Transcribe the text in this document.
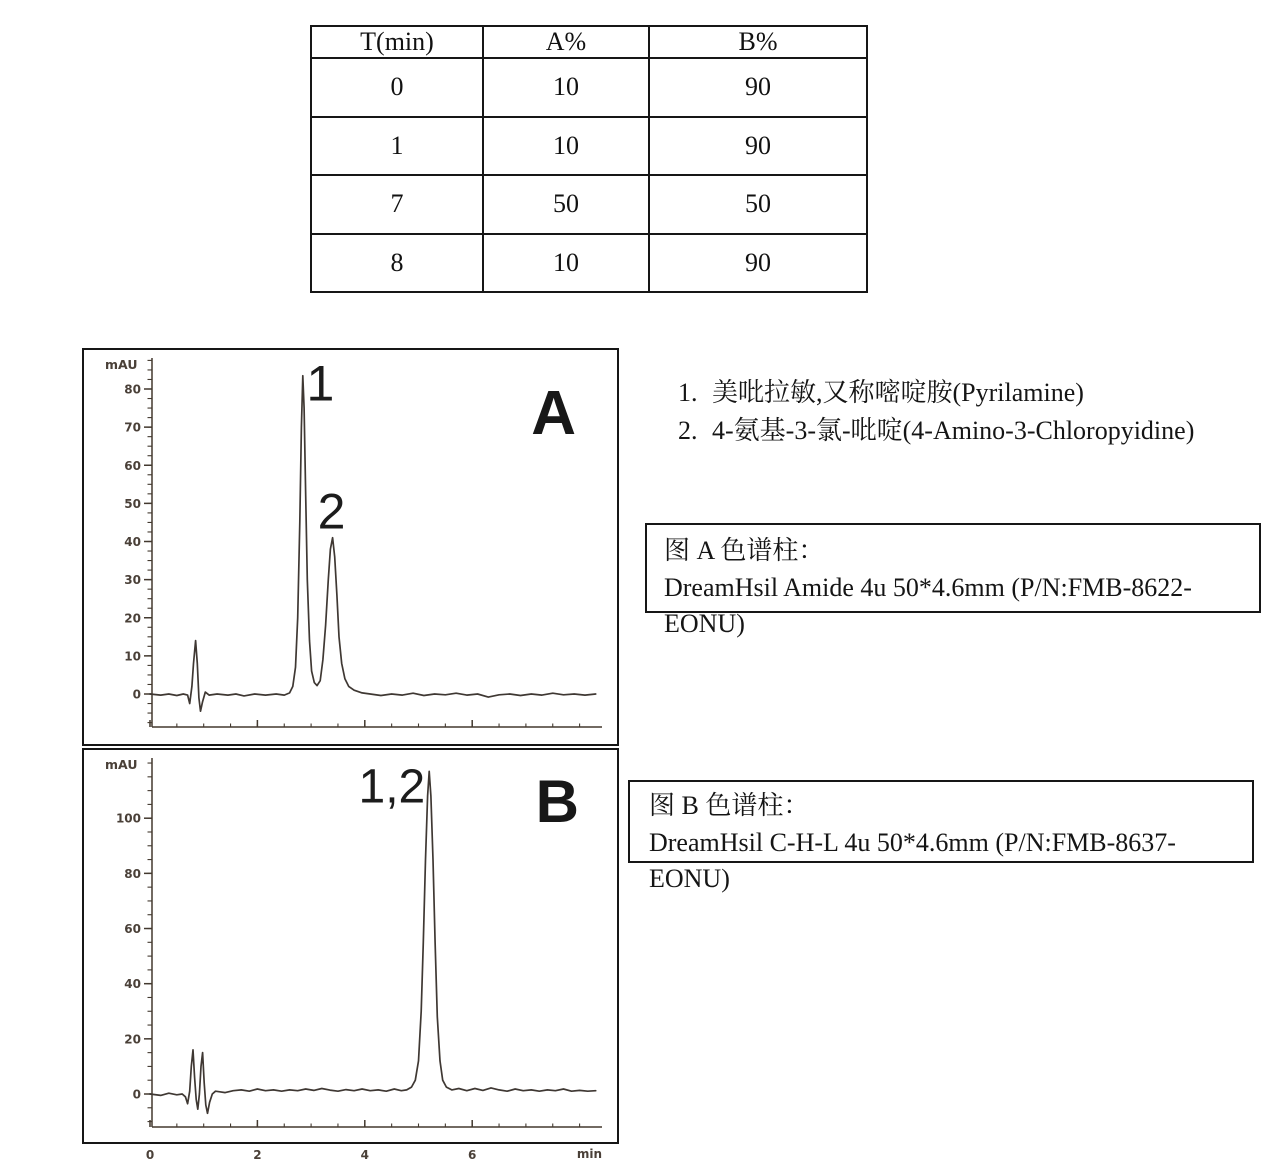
T(min)	A%	B%
0	10	90
1	10	90
7	50	50
8	10	90
0
10
20
30
40
50
60
70
80
mAU	1
2
A
0
20
40
60
80
100
0	2	4	6
mAU
min
1,2 B
1. 美吡拉敏,又称嘧啶胺(Pyrilamine)
2. 4-氨基-3-氯-吡啶(4-Amino-3-Chloropyidine)
图 A 色谱柱：
DreamHsil Amide 4u 50*4.6mm (P/N:FMB-8622-EONU)
图 B 色谱柱：
DreamHsil C-H-L 4u 50*4.6mm (P/N:FMB-8637-EONU)
